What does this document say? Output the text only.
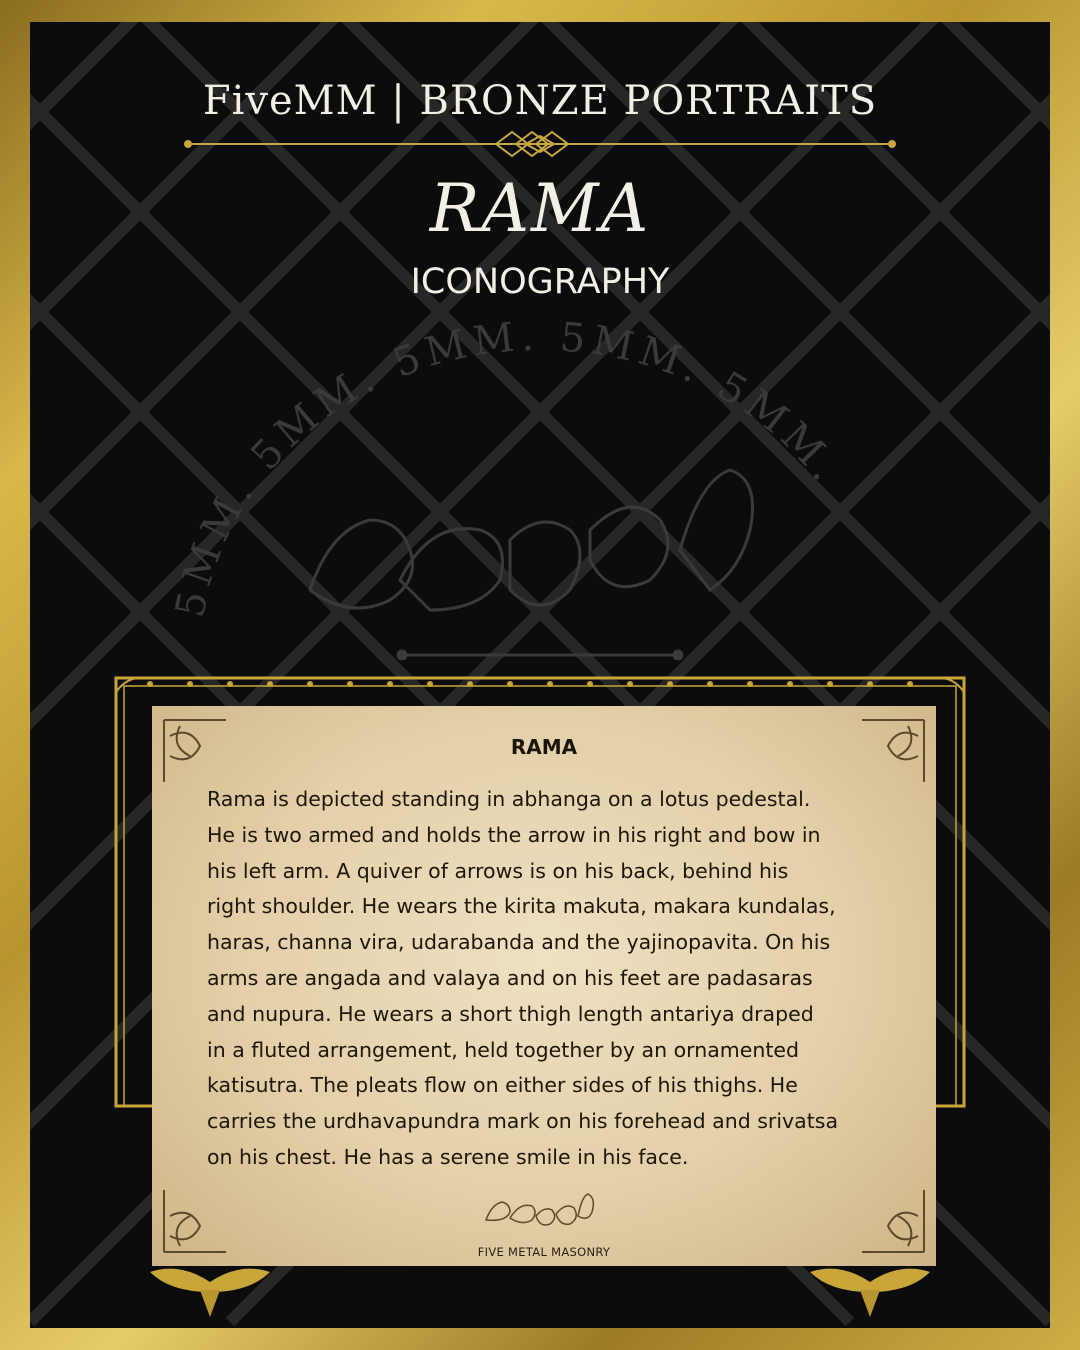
FiveMM | BRONZE PORTRAITS
RAMA
ICONOGRAPHY
5MM. 5MM. 5MM. 5MM. 5MM.
RAMA

Rama is depicted standing in abhanga on a lotus pedestal.
He is two armed and holds the arrow in his right and bow in
his left arm. A quiver of arrows is on his back, behind his
right shoulder. He wears the kirita makuta, makara kundalas,
haras, channa vira, udarabanda and the yajinopavita. On his
arms are angada and valaya and on his feet are padasaras
and nupura. He wears a short thigh length antariya draped
in a fluted arrangement, held together by an ornamented
katisutra. The pleats flow on either sides of his thighs. He
carries the urdhavapundra mark on his forehead and srivatsa
on his chest. He has a serene smile in his face.

FIVE METAL MASONRY
